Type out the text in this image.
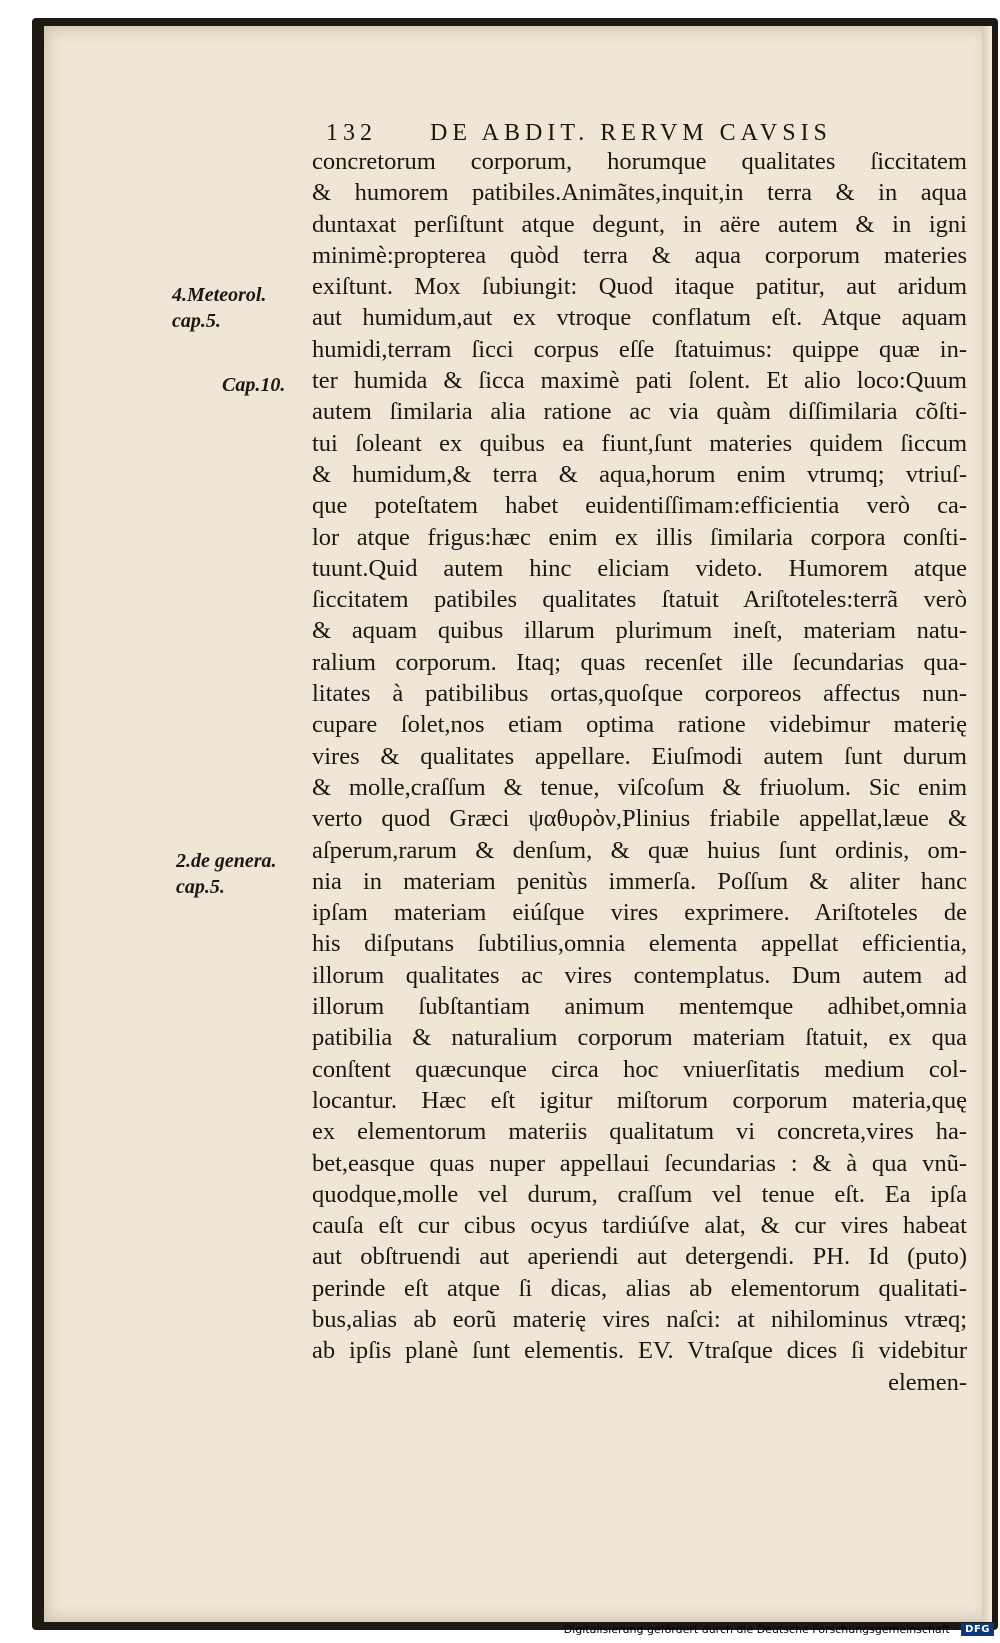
132 DE ABDIT. RERVM CAVSIS
4.Meteorol.
cap.5.
Cap.10.
2.de genera.
cap.5.
concretorum corporum, horumque qualitates ſiccitatem
& humorem patibiles.Animãtes,inquit,in terra & in aqua
duntaxat perſiſtunt atque degunt, in aëre autem & in igni
minimè:propterea quòd terra & aqua corporum materies
exiſtunt. Mox ſubiungit: Quod itaque patitur, aut aridum
aut humidum,aut ex vtroque conflatum eſt. Atque aquam
humidi,terram ſicci corpus eſſe ſtatuimus: quippe quæ in-
ter humida & ſicca maximè pati ſolent. Et alio loco:Quum
autem ſimilaria alia ratione ac via quàm diſſimilaria cõſti-
tui ſoleant ex quibus ea fiunt,ſunt materies quidem ſiccum
& humidum,& terra & aqua,horum enim vtrumq; vtriuſ-
que poteſtatem habet euidentiſſimam:efficientia verò ca-
lor atque frigus:hæc enim ex illis ſimilaria corpora conſti-
tuunt.Quid autem hinc eliciam videto. Humorem atque
ſiccitatem patibiles qualitates ſtatuit Ariſtoteles:terrã verò
& aquam quibus illarum plurimum ineſt, materiam natu-
ralium corporum. Itaq; quas recenſet ille ſecundarias qua-
litates à patibilibus ortas,quoſque corporeos affectus nun-
cupare ſolet,nos etiam optima ratione videbimur materię
vires & qualitates appellare. Eiuſmodi autem ſunt durum
& molle,craſſum & tenue, viſcoſum & friuolum. Sic enim
verto quod Græci ψαθυρὸν,Plinius friabile appellat,læue &
aſperum,rarum & denſum, & quæ huius ſunt ordinis, om-
nia in materiam penitùs immerſa. Poſſum & aliter hanc
ipſam materiam eiúſque vires exprimere. Ariſtoteles de
his diſputans ſubtilius,omnia elementa appellat efficientia,
illorum qualitates ac vires contemplatus. Dum autem ad
illorum ſubſtantiam animum mentemque adhibet,omnia
patibilia & naturalium corporum materiam ſtatuit, ex qua
conſtent quæcunque circa hoc vniuerſitatis medium col-
locantur. Hæc eſt igitur miſtorum corporum materia,quę
ex elementorum materiis qualitatum vi concreta,vires ha-
bet,easque quas nuper appellaui ſecundarias : & à qua vnũ-
quodque,molle vel durum, craſſum vel tenue eſt. Ea ipſa
cauſa eſt cur cibus ocyus tardiúſve alat, & cur vires habeat
aut obſtruendi aut aperiendi aut detergendi. PH. Id (puto)
perinde eſt atque ſi dicas, alias ab elementorum qualitati-
bus,alias ab eorũ materię vires naſci: at nihilominus vtræq;
ab ipſis planè ſunt elementis. EV. Vtraſque dices ſi videbitur
elemen-
Digitalisierung gefördert durch die Deutsche Forschungsgemeinschaft · DFG
